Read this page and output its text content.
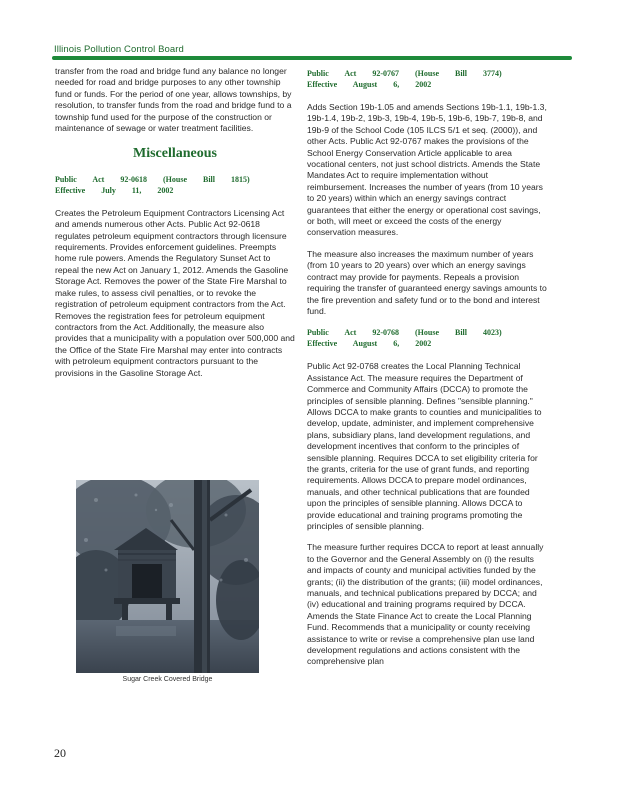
Illinois Pollution Control Board

transfer from the road and bridge fund any balance no longer needed for road and bridge purposes to any other township fund or funds. For the period of one year, allows townships, by resolution, to transfer funds from the road and bridge fund to a township fund used for the purpose of the construction or maintenance of sewage or water treatment facilities.

Miscellaneous
Public Act 92-0618 (House Bill 1815) Effective July 11, 2002

Creates the Petroleum Equipment Contractors Licensing Act and amends numerous other Acts. Public Act 92-0618 regulates petroleum equipment contractors through licensure requirements. Provides enforcement guidelines. Preempts home rule powers. Amends the Regulatory Sunset Act to repeal the new Act on January 1, 2012. Amends the Gasoline Storage Act. Removes the power of the State Fire Marshal to make rules, to assess civil penalties, or to revoke the registration of petroleum equipment contractors from the Act. Removes the registration fees for petroleum equipment contractors from the Act. Additionally, the measure also provides that a municipality with a population over 500,000 and the Office of the State Fire Marshal may enter into contracts with petroleum equipment contractors pursuant to the provisions in the Gasoline Storage Act.

Sugar Creek Covered Bridge
Public Act 92-0767 (House Bill 3774) Effective August 6, 2002

Adds Section 19b-1.05 and amends Sections 19b-1.1, 19b-1.3, 19b-1.4, 19b-2, 19b-3, 19b-4, 19b-5, 19b-6, 19b-7, 19b-8, and 19b-9 of the School Code (105 ILCS 5/1 et seq. (2000)), and other Acts. Public Act 92-0767 makes the provisions of the School Energy Conservation Article applicable to area vocational centers, not just school districts. Amends the State Mandates Act to require implementation without reimbursement. Increases the number of years (from 10 years to 20 years) within which an energy savings contract guarantees that either the energy or operational cost savings, or both, will meet or exceed the costs of the energy conservation measures.

The measure also increases the maximum number of years (from 10 years to 20 years) over which an energy savings contract may provide for payments. Repeals a provision requiring the transfer of guaranteed energy savings amounts to the fire prevention and safety fund or to the bond and interest fund.

Public Act 92-0768 (House Bill 4023) Effective August 6, 2002

Public Act 92-0768 creates the Local Planning Technical Assistance Act. The measure requires the Department of Commerce and Community Affairs (DCCA) to promote the principles of sensible planning. Defines "sensible planning." Allows DCCA to make grants to counties and municipalities to develop, update, administer, and implement comprehensive plans, subsidiary plans, land development regulations, and development incentives that conform to the principles of sensible planning. Requires DCCA to set eligibility criteria for the grants, criteria for the use of grant funds, and reporting requirements. Allows DCCA to prepare model ordinances, manuals, and other technical publications that are founded upon the principles of sensible planning. Allows DCCA to provide educational and training programs promoting the principles of sensible planning.

The measure further requires DCCA to report at least annually to the Governor and the General Assembly on (i) the results and impacts of county and municipal activities funded by the grants; (ii) the distribution of the grants; (iii) model ordinances, manuals, and technical publications prepared by DCCA; and (iv) educational and training programs required by DCCA. Amends the State Finance Act to create the Local Planning Fund. Recommends that a municipality or county receiving assistance to write or revise a comprehensive plan use land development regulations and actions consistent with the comprehensive plan

20
